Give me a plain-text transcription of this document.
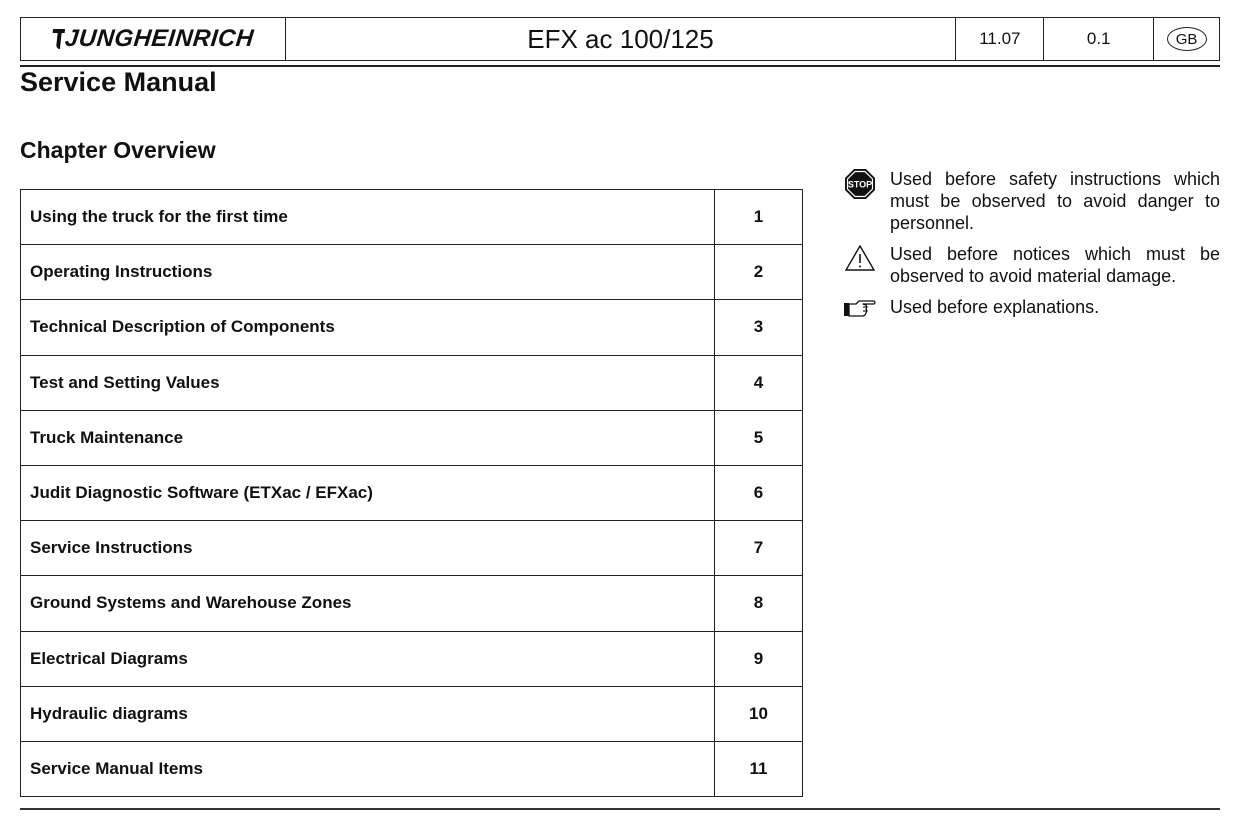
JUNGHEINRICH	EFX ac 100/125	11.07	0.1	GB
Service Manual
Chapter Overview
Using the truck for the first time	1
Operating Instructions	2
Technical Description of Components	3
Test and Setting Values	4
Truck Maintenance	5
Judit Diagnostic Software (ETXac / EFXac)	6
Service Instructions	7
Ground Systems and Warehouse Zones	8
Electrical Diagrams	9
Hydraulic diagrams	10
Service Manual Items	11
STOP Used before safety instructions which must be observed to avoid danger to personnel.
Used before notices which must be observed to avoid material damage.
Used before explanations.
